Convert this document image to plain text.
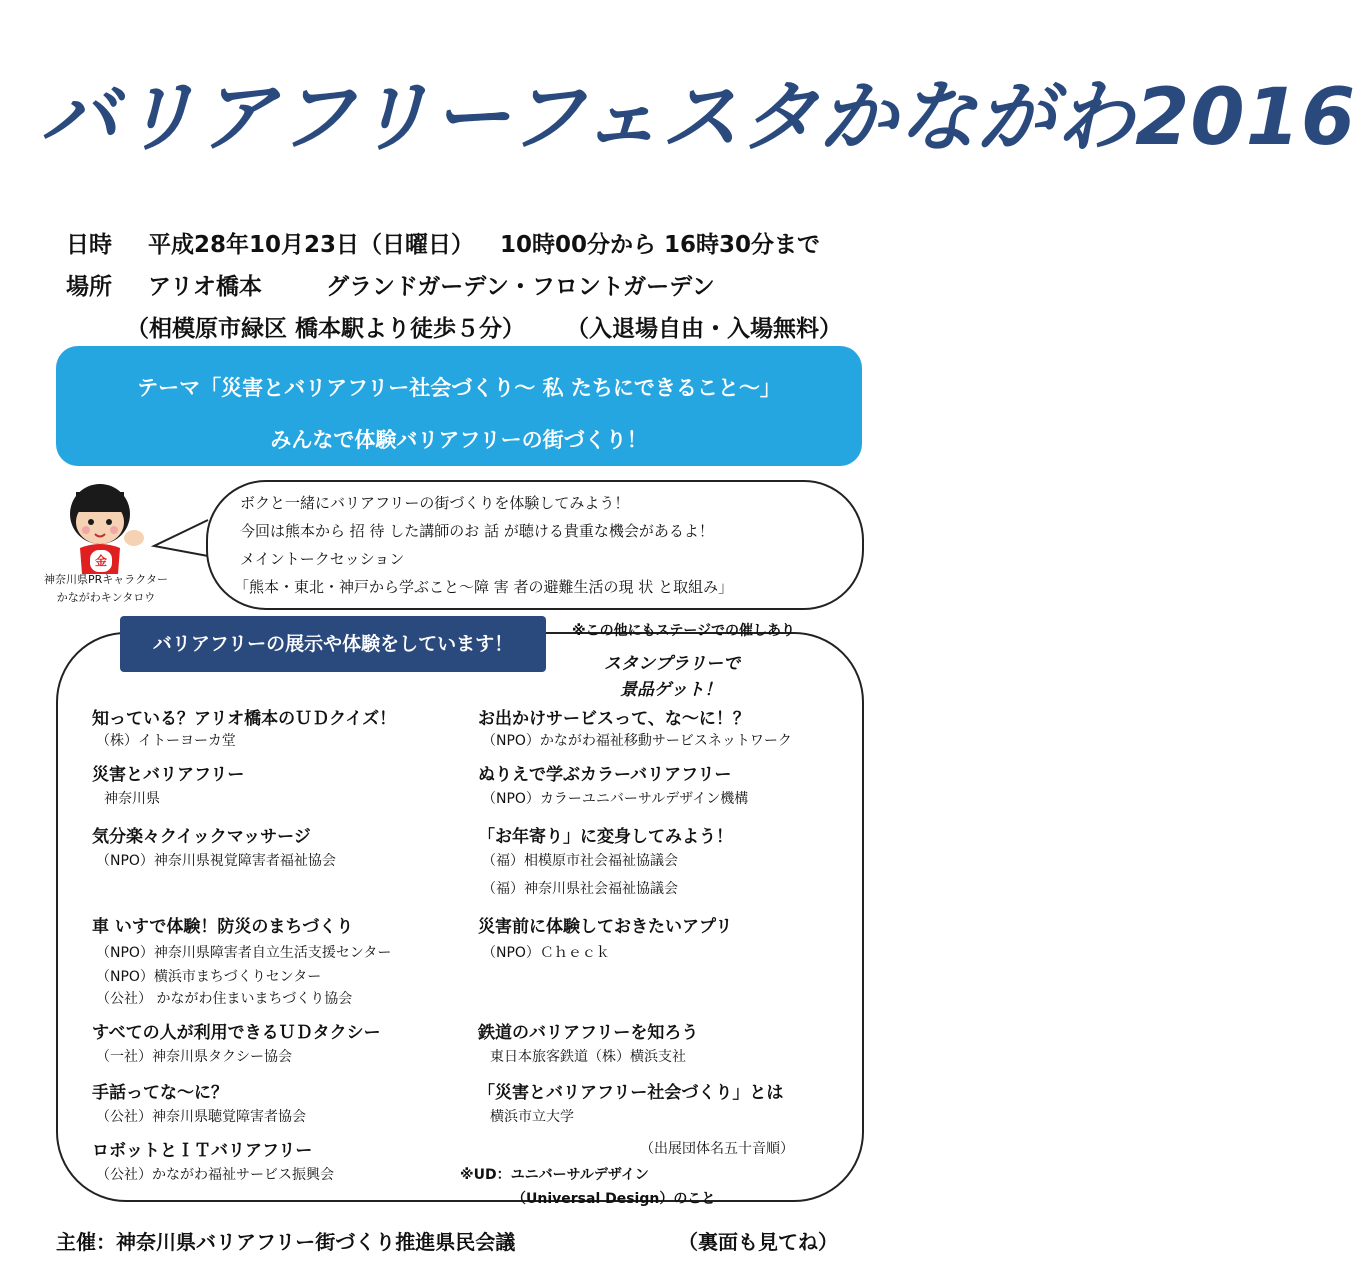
バリアフリーフェスタかながわ2016
日時 平成28年10月23日（日曜日） 10時00分から 16時30分まで
場所 アリオ橋本	グランドガーデン・フロントガーデン
（相模原市緑区 橋本駅より徒歩５分） （入退場自由・入場無料）
テーマ「災害とバリアフリー社会づくり～ 私 たちにできること～」
みんなで体験バリアフリーの街づくり！
金
神奈川県PRキャラクター
かながわキンタロウ
ボクと一緒にバリアフリーの街づくりを体験してみよう！
今回は熊本から 招 待 した講師のお 話 が聴ける貴重な機会があるよ！
メイントークセッション
「熊本・東北・神戸から学ぶこと～障 害 者の避難生活の現 状 と取組み」
バリアフリーの展示や体験をしています！
※この他にもステージでの催しあり
スタンプラリーで
景品ゲット！
知っている？アリオ橋本のＵＤクイズ！
（株）イトーヨーカ堂
災害とバリアフリー
神奈川県
気分楽々クイックマッサージ
（NPO）神奈川県視覚障害者福祉協会
車 いすで体験！防災のまちづくり
（NPO）神奈川県障害者自立生活支援センター
（NPO）横浜市まちづくりセンター
（公社） かながわ住まいまちづくり協会
すべての人が利用できるＵＤタクシー
（一社）神奈川県タクシー協会
手話ってな～に？
（公社）神奈川県聴覚障害者協会
ロボットとＩＴバリアフリー
（公社）かながわ福祉サービス振興会
お出かけサービスって、な～に！？
（NPO）かながわ福祉移動サービスネットワーク
ぬりえで学ぶカラーバリアフリー
（NPO）カラーユニバーサルデザイン機構
「お年寄り」に変身してみよう！
（福）相模原市社会福祉協議会
（福）神奈川県社会福祉協議会
災害前に体験しておきたいアプリ
（NPO）Ｃｈｅｃｋ
鉄道のバリアフリーを知ろう
東日本旅客鉄道（株）横浜支社
「災害とバリアフリー社会づくり」とは
横浜市立大学
（出展団体名五十音順）
※UD：ユニバーサルデザイン
（Universal Design）のこと
主催：神奈川県バリアフリー街づくり推進県民会議	（裏面も見てね）
